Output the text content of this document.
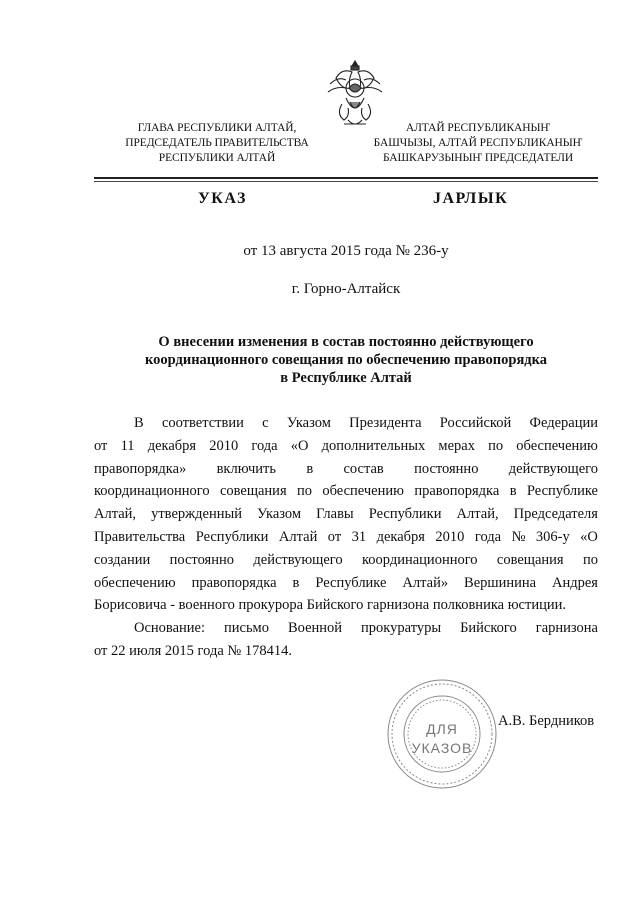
ГЛАВА РЕСПУБЛИКИ АЛТАЙ,
ПРЕДСЕДАТЕЛЬ ПРАВИТЕЛЬСТВА
РЕСПУБЛИКИ АЛТАЙ
АЛТАЙ РЕСПУБЛИКАНЫҤ
БАШЧЫЗЫ, АЛТАЙ РЕСПУБЛИКАНЫҤ
БАШКАРУЗЫНЫҤ ПРЕДСЕДАТЕЛИ
УКАЗ	JАРЛЫК
от 13 августа 2015 года № 236-у
г. Горно-Алтайск
О внесении изменения в состав постоянно действующего
координационного совещания по обеспечению правопорядка
в Республике Алтай
В соответствии с Указом Президента Российской Федерации
от 11 декабря 2010 года «О дополнительных мерах по обеспечению
правопорядка» включить в состав постоянно действующего
координационного совещания по обеспечению правопорядка в Республике
Алтай, утвержденный Указом Главы Республики Алтай, Председателя
Правительства Республики Алтай от 31 декабря 2010 года № 306-у «О
создании постоянно действующего координационного совещания по
обеспечению правопорядка в Республике Алтай» Вершинина Андрея
Борисовича - военного прокурора Бийского гарнизона полковника юстиции.
Основание: письмо Военной прокуратуры Бийского гарнизона
от 22 июля 2015 года № 178414.
ДЛЯ
УКАЗОВ
А.В. Бердников
